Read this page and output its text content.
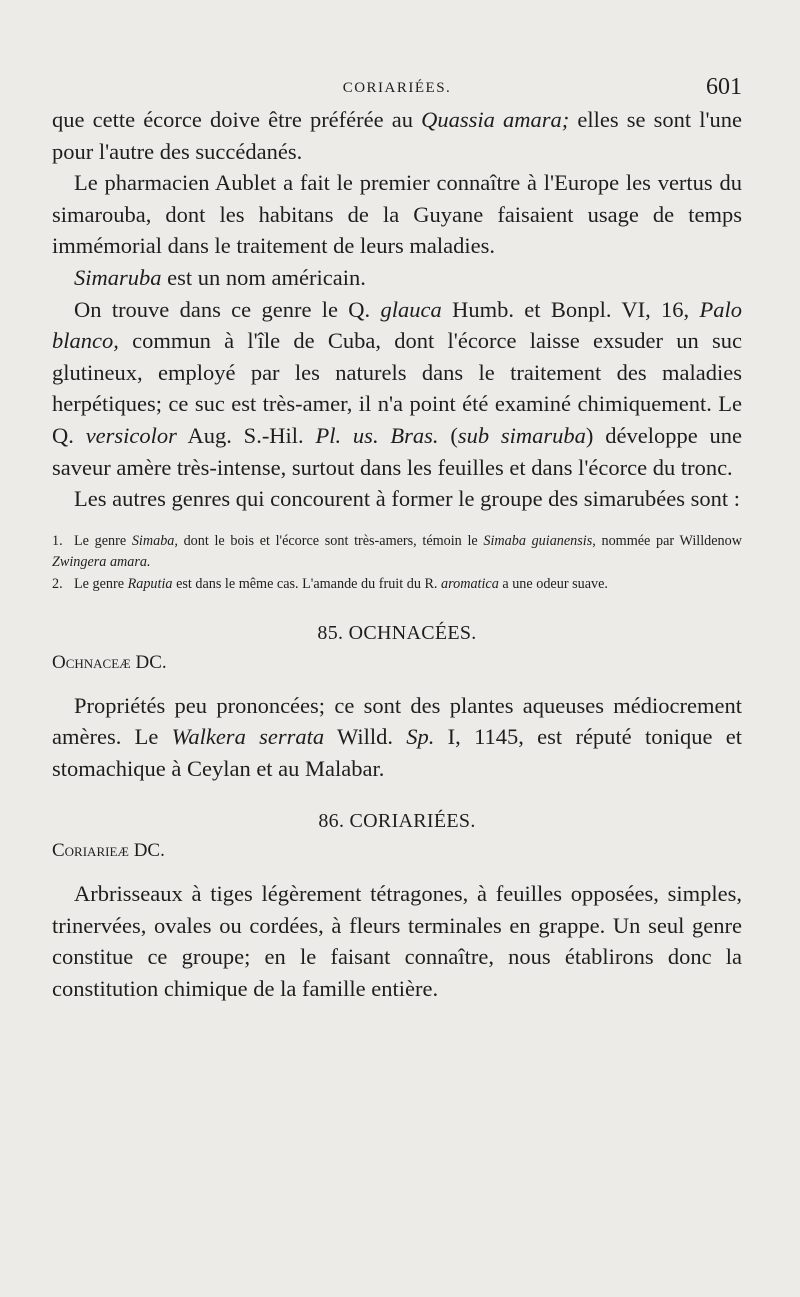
CORIARIÉES.	601

que cette écorce doive être préférée au Quassia amara; elles se sont l'une pour l'autre des succédanés.

Le pharmacien Aublet a fait le premier connaître à l'Europe les vertus du simarouba, dont les habitans de la Guyane faisaient usage de temps immémorial dans le traitement de leurs maladies.

Simaruba est un nom américain.

On trouve dans ce genre le Q. glauca Humb. et Bonpl. VI, 16, Palo blanco, commun à l'île de Cuba, dont l'écorce laisse exsuder un suc glutineux, employé par les naturels dans le traitement des maladies herpétiques; ce suc est très-amer, il n'a point été examiné chimiquement. Le Q. versicolor Aug. S.-Hil. Pl. us. Bras. (sub simaruba) développe une saveur amère très-intense, surtout dans les feuilles et dans l'écorce du tronc.

Les autres genres qui concourent à former le groupe des simarubées sont :

1. Le genre Simaba, dont le bois et l'écorce sont très-amers, témoin le Simaba guianensis, nommée par Willdenow Zwingera amara.

2. Le genre Raputia est dans le même cas. L'amande du fruit du R. aromatica a une odeur suave.

85. OCHNACÉES.
Ochnaceæ DC.

Propriétés peu prononcées; ce sont des plantes aqueuses médiocrement amères. Le Walkera serrata Willd. Sp. I, 1145, est réputé tonique et stomachique à Ceylan et au Malabar.

86. CORIARIÉES.
Coriarieæ DC.

Arbrisseaux à tiges légèrement tétragones, à feuilles opposées, simples, trinervées, ovales ou cordées, à fleurs terminales en grappe. Un seul genre constitue ce groupe; en le faisant connaître, nous établirons donc la constitution chimique de la famille entière.
